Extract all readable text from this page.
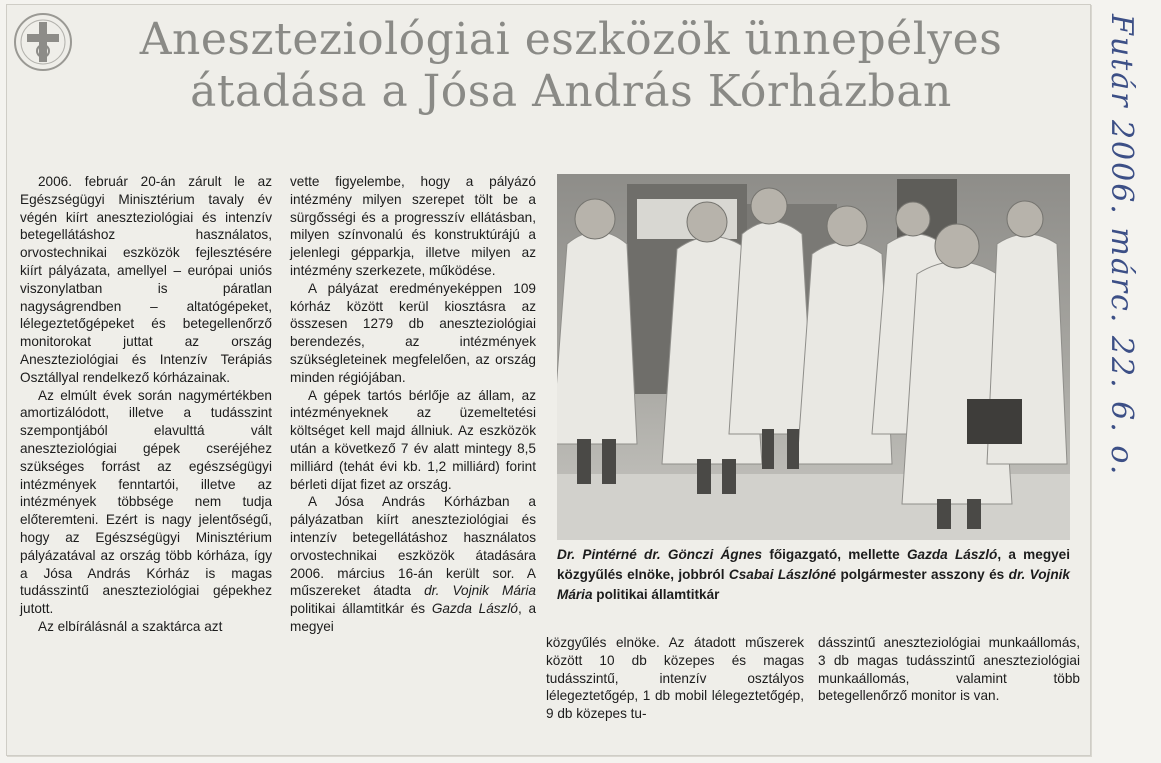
Aneszteziológiai eszközök ünnepélyes
átadása a Jósa András Kórházban

2006. február 20-án zárult le az Egészségügyi Minisztérium tavaly év végén kiírt aneszteziológiai és intenzív betegellátáshoz használatos, orvostechnikai eszközök fejlesztésére kiírt pályázata, amellyel – európai uniós viszonylatban is páratlan nagyságrendben – altatógépeket, lélegeztetőgépeket és betegellenőrző monitorokat juttat az ország Aneszteziológiai és Intenzív Terápiás Osztállyal rendelkező kórházainak.

Az elmúlt évek során nagymértékben amortizálódott, illetve a tudásszint szempontjából elavulttá vált aneszteziológiai gépek cseréjéhez szükséges forrást az egészségügyi intézmények fenntartói, illetve az intézmények többsége nem tudja előteremteni. Ezért is nagy jelentőségű, hogy az Egészségügyi Minisztérium pályázatával az ország több kórháza, így a Jósa András Kórház is magas tudásszintű aneszteziológiai gépekhez jutott.

Az elbírálásnál a szaktárca azt

vette figyelembe, hogy a pályázó intézmény milyen szerepet tölt be a sürgősségi és a progresszív ellátásban, milyen színvonalú és konstruktúrájú a jelenlegi gépparkja, illetve milyen az intézmény szerkezete, működése.

A pályázat eredményeképpen 109 kórház között kerül kiosztásra az összesen 1279 db aneszteziológiai berendezés, az intézmények szükségleteinek megfelelően, az ország minden régiójában.

A gépek tartós bérlője az állam, az intézményeknek az üzemeltetési költséget kell majd állniuk. Az eszközök után a következő 7 év alatt mintegy 8,5 milliárd (tehát évi kb. 1,2 milliárd) forint bérleti díjat fizet az ország.

A Jósa András Kórházban a pályázatban kiírt aneszteziológiai és intenzív betegellátáshoz használatos orvostechnikai eszközök átadására 2006. március 16-án került sor. A műszereket átadta dr. Vojnik Mária politikai államtitkár és Gazda László, a megyei

Dr. Pintérné dr. Gönczi Ágnes főigazgató, mellette Gazda László, a megyei közgyűlés elnöke, jobbról Csabai Lászlóné polgármester asszony és dr. Vojnik Mária politikai államtitkár

közgyűlés elnöke. Az átadott műszerek között 10 db közepes és magas tudásszintű, intenzív osztályos lélegeztetőgép, 1 db mobil lélegeztetőgép, 9 db közepes tu-

dásszintű aneszteziológiai munkaállomás, 3 db magas tudásszintű aneszteziológiai munkaállomás, valamint több betegellenőrző monitor is van.

Futár 2006. márc. 22. 6. o.
